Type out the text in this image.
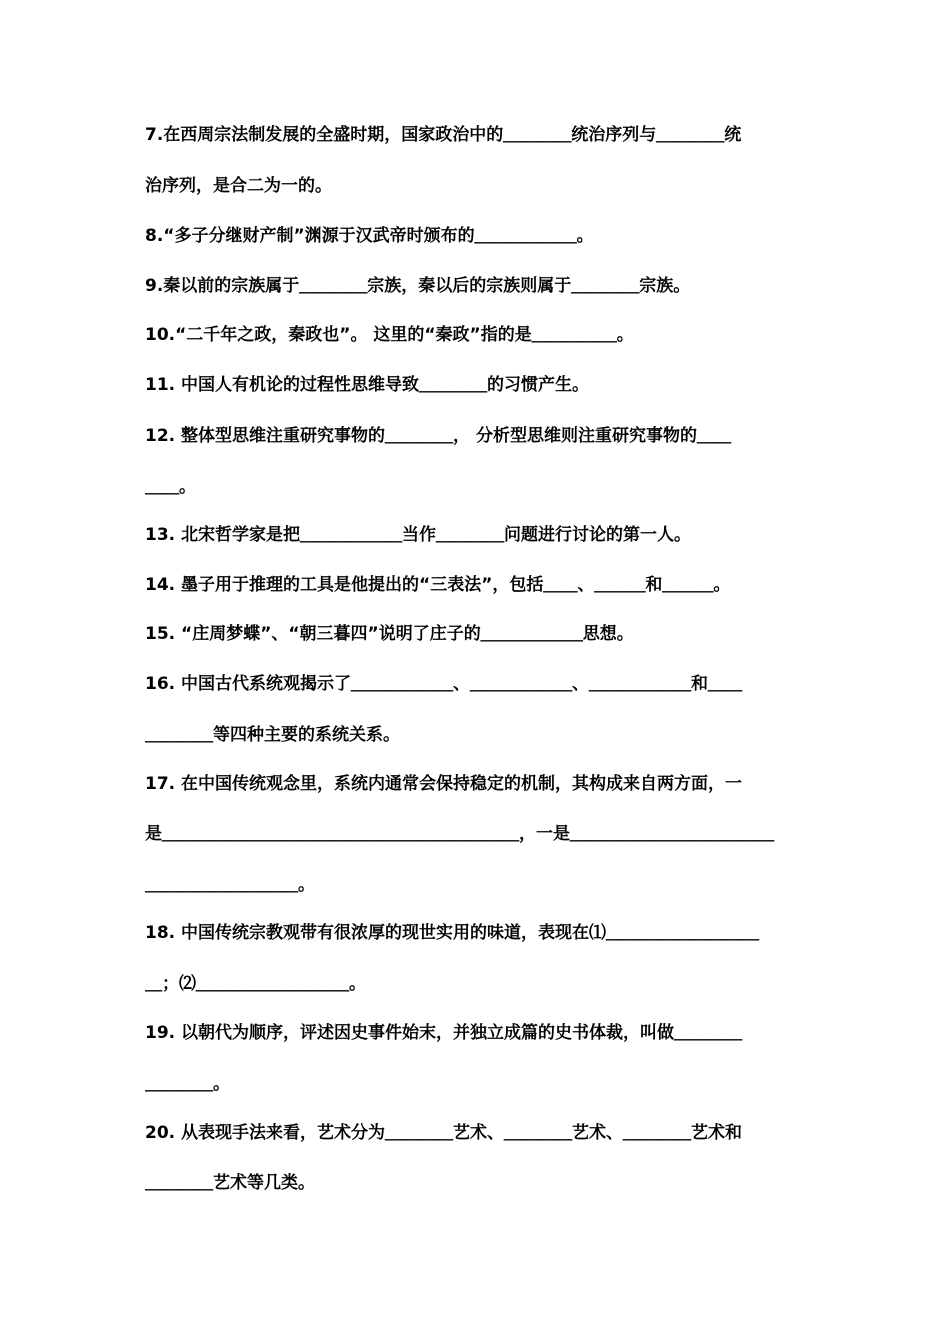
7.在西周宗法制发展的全盛时期，国家政治中的＿＿＿＿统治序列与＿＿＿＿统
治序列，是合二为一的。
8.“多子分继财产制”渊源于汉武帝时颁布的＿＿＿＿＿＿。
9.秦以前的宗族属于＿＿＿＿宗族，秦以后的宗族则属于＿＿＿＿宗族。
10.“二千年之政，秦政也”。 这里的“秦政”指的是＿＿＿＿＿。
11. 中国人有机论的过程性思维导致＿＿＿＿的习惯产生。
12. 整体型思维注重研究事物的＿＿＿＿， 分析型思维则注重研究事物的＿＿
＿＿。
13. 北宋哲学家是把＿＿＿＿＿＿当作＿＿＿＿问题进行讨论的第一人。
14. 墨子用于推理的工具是他提出的“三表法”，包括＿＿、＿＿＿和＿＿＿。
15. “庄周梦蝶”、“朝三暮四”说明了庄子的＿＿＿＿＿＿思想。
16. 中国古代系统观揭示了＿＿＿＿＿＿、＿＿＿＿＿＿、＿＿＿＿＿＿和＿＿
＿＿＿＿等四种主要的系统关系。
17. 在中国传统观念里，系统内通常会保持稳定的机制，其构成来自两方面，一
是＿＿＿＿＿＿＿＿＿＿＿＿＿＿＿＿＿＿＿＿＿，一是＿＿＿＿＿＿＿＿＿＿＿＿
＿＿＿＿＿＿＿＿＿。
18. 中国传统宗教观带有很浓厚的现世实用的味道，表现在⑴＿＿＿＿＿＿＿＿＿
＿；⑵＿＿＿＿＿＿＿＿＿。
19. 以朝代为顺序，评述因史事件始末，并独立成篇的史书体裁，叫做＿＿＿＿
＿＿＿＿。
20. 从表现手法来看，艺术分为＿＿＿＿艺术、＿＿＿＿艺术、＿＿＿＿艺术和
＿＿＿＿艺术等几类。
